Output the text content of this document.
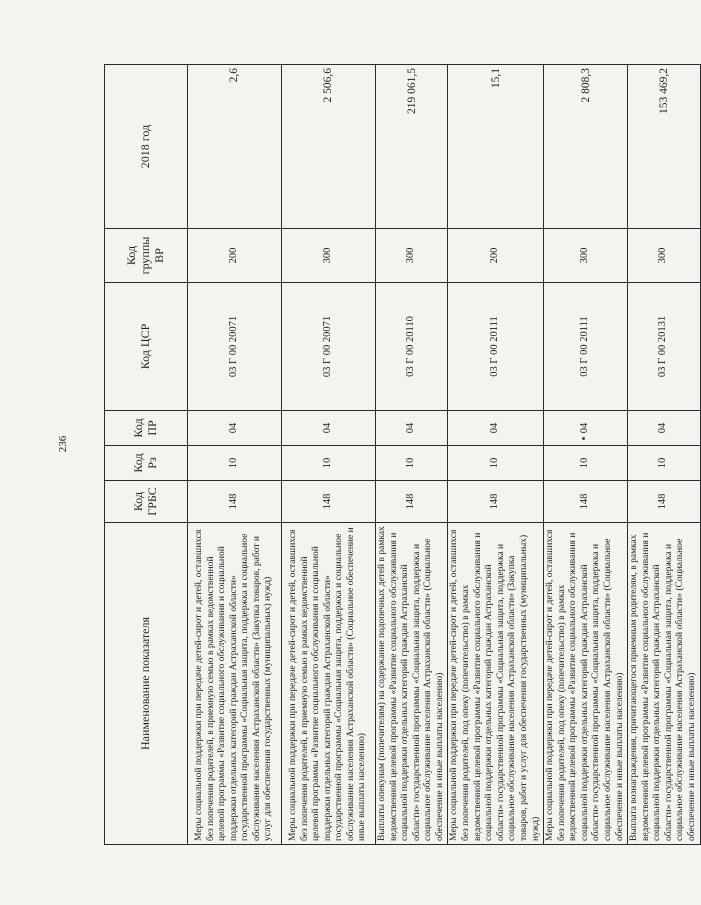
236
Наименование показателя	Код ГРБС	Код Рз	Код ПР	Код ЦСР	Код группы ВР	2018 год
Меры социальной поддержки при передаче детей-сирот и детей, оставшихся без попечения родителей, в приемную семью в рамках ведомственной целевой программы «Развитие социального обслуживания и социальной поддержки отдельных категорий граждан Астраханской области» государственной программы «Социальная защита, поддержка и социальное обслуживание населения Астраханской области» (Закупка товаров, работ и услуг для обеспечения государственных (муниципальных) нужд)	148	10	04	03 Г 00 20071	200	2,6
Меры социальной поддержки при передаче детей-сирот и детей, оставшихся без попечения родителей, в приемную семью в рамках ведомственной целевой программы «Развитие социального обслуживания и социальной поддержки отдельных категорий граждан Астраханской области» государственной программы «Социальная защита, поддержка и социальное обслуживание населения Астраханской области» (Социальное обеспечение и иные выплаты населению)	148	10	04	03 Г 00 20071	300	2 506,6
Выплаты опекунам (попечителям) на содержание подопечных детей в рамках ведомственной целевой программы «Развитие социального обслуживания и социальной поддержки отдельных категорий граждан Астраханской области» государственной программы «Социальная защита, поддержка и социальное обслуживание населения Астраханской области» (Социальное обеспечение и иные выплаты населению)	148	10	04	03 Г 00 20110	300	219 061,5
Меры социальной поддержки при передаче детей-сирот и детей, оставшихся без попечения родителей, под опеку (попечительство) в рамках ведомственной целевой программы «Развитие социального обслуживания и социальной поддержки отдельных категорий граждан Астраханской области» государственной программы «Социальная защита, поддержка и социальное обслуживание населения Астраханской области» (Закупка товаров, работ и услуг для обеспечения государственных (муниципальных) нужд)	148	10	04	03 Г 00 20111	200	15,1
Меры социальной поддержки при передаче детей-сирот и детей, оставшихся без попечения родителей, под опеку (попечительство) в рамках ведомственной целевой программы «Развитие социального обслуживания и социальной поддержки отдельных категорий граждан Астраханской области» государственной программы «Социальная защита, поддержка и социальное обслуживание населения Астраханской области» (Социальное обеспечение и иные выплаты населению)	148	10	04	03 Г 00 20111	300	2 808,3
Выплата вознаграждения, причитающегося приемным родителям, в рамках ведомственной целевой программы «Развитие социального обслуживания и социальной поддержки отдельных категорий граждан Астраханской области» государственной программы «Социальная защита, поддержка и социальное обслуживание населения Астраханской области» (Социальное обеспечение и иные выплаты населению)	148	10	04	03 Г 00 20131	300	153 469,2
